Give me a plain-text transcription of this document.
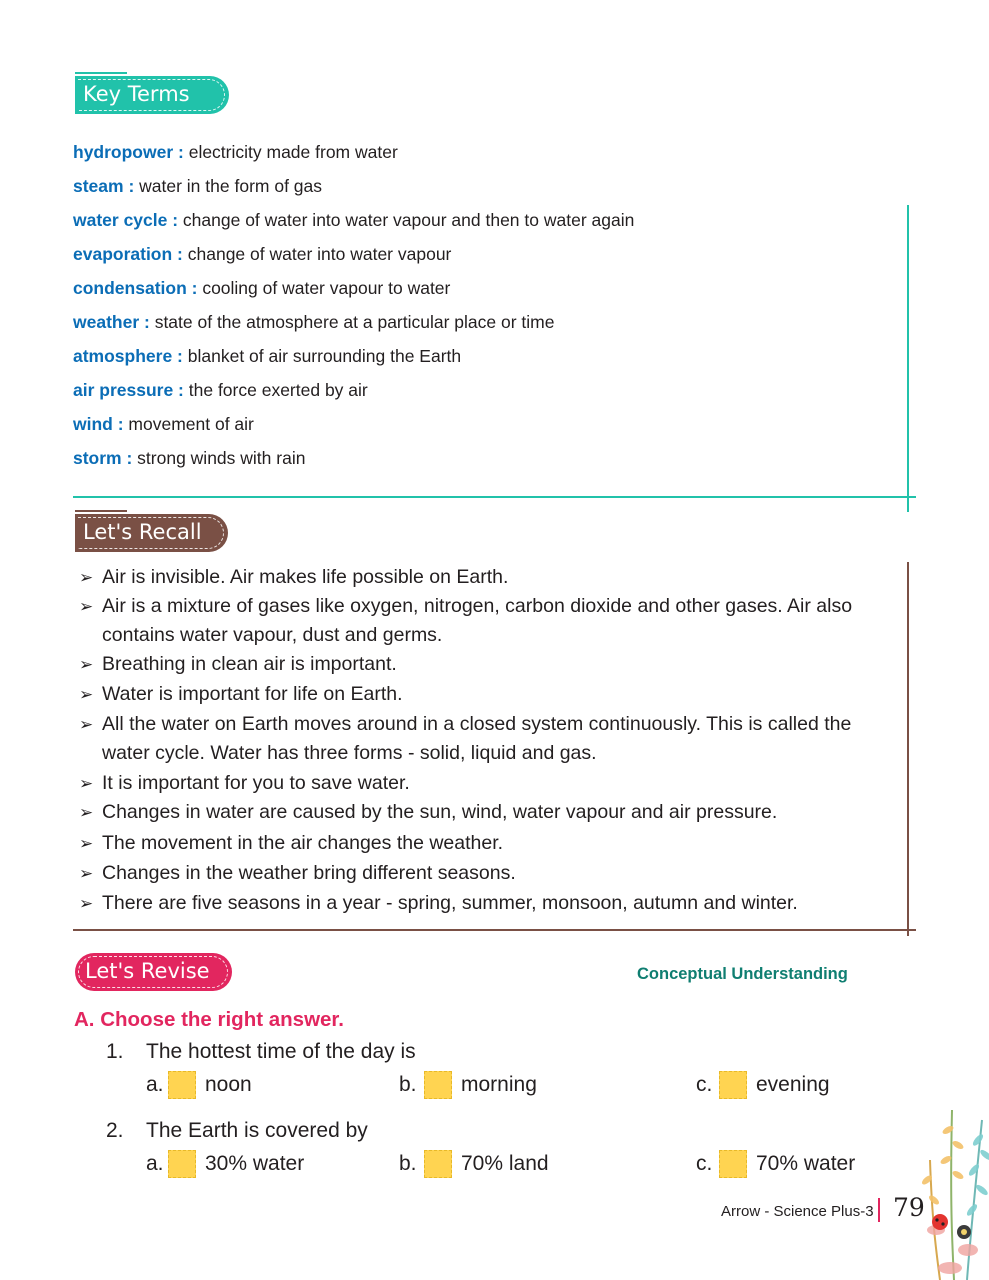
Key Terms
hydropower : electricity made from water
steam : water in the form of gas
water cycle : change of water into water vapour and then to water again
evaporation : change of water into water vapour
condensation : cooling of water vapour to water
weather : state of the atmosphere at a particular place or time
atmosphere : blanket of air surrounding the Earth
air pressure : the force exerted by air
wind : movement of air
storm : strong winds with rain
Let's Recall
➢ Air is invisible. Air makes life possible on Earth.
➢ Air is a mixture of gases like oxygen, nitrogen, carbon dioxide and other gases. Air also contains water vapour, dust and germs.
➢ Breathing in clean air is important.
➢ Water is important for life on Earth.
➢ All the water on Earth moves around in a closed system continuously. This is called the water cycle. Water has three forms - solid, liquid and gas.
➢ It is important for you to save water.
➢ Changes in water are caused by the sun, wind, water vapour and air pressure.
➢ The movement in the air changes the weather.
➢ Changes in the weather bring different seasons.
➢ There are five seasons in a year - spring, summer, monsoon, autumn and winter.
Let's Revise	Conceptual Understanding
A. Choose the right answer.
1. The hottest time of the day is
a. noon	b. morning	c. evening
2. The Earth is covered by
a. 30% water	b. 70% land	c. 70% water
Arrow - Science Plus-3 79
